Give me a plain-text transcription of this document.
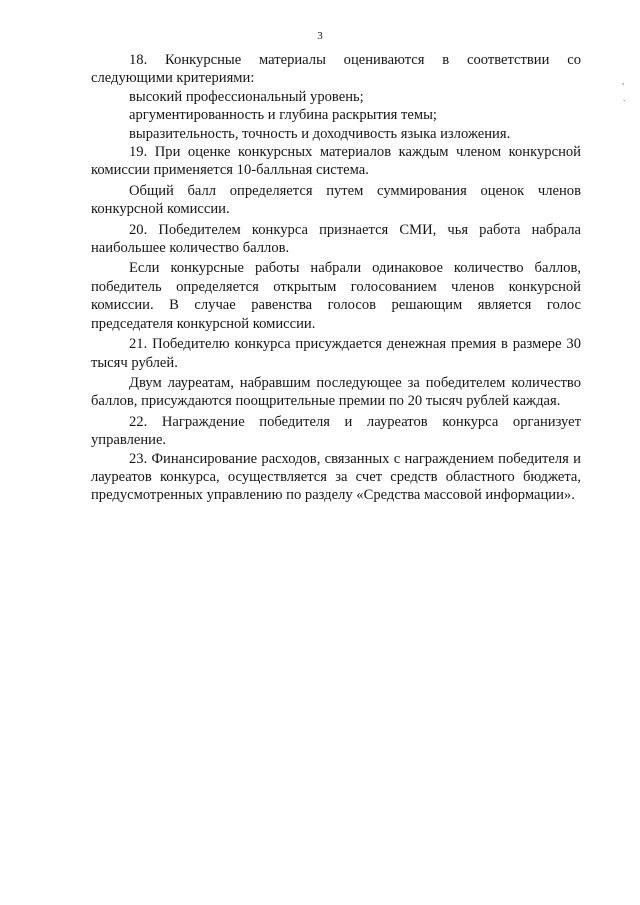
3

18. Конкурсные материалы оцениваются в соответствии со следующими критериями:

высокий профессиональный уровень;

аргументированность и глубина раскрытия темы;

выразительность, точность и доходчивость языка изложения.

19. При оценке конкурсных материалов каждым членом конкурсной комиссии применяется 10-балльная система.

Общий балл определяется путем суммирования оценок членов конкурсной комиссии.

20. Победителем конкурса признается СМИ, чья работа набрала наибольшее количество баллов.

Если конкурсные работы набрали одинаковое количество баллов, победитель определяется открытым голосованием членов конкурсной комиссии. В случае равенства голосов решающим является голос председателя конкурсной комиссии.

21. Победителю конкурса присуждается денежная премия в размере 30 тысяч рублей.

Двум лауреатам, набравшим последующее за победителем количество баллов, присуждаются поощрительные премии по 20 тысяч рублей каждая.

22. Награждение победителя и лауреатов конкурса организует управление.

23. Финансирование расходов, связанных с награждением победителя и лауреатов конкурса, осуществляется за счет средств областного бюджета, предусмотренных управлению по разделу «Средства массовой информации».

,
.
